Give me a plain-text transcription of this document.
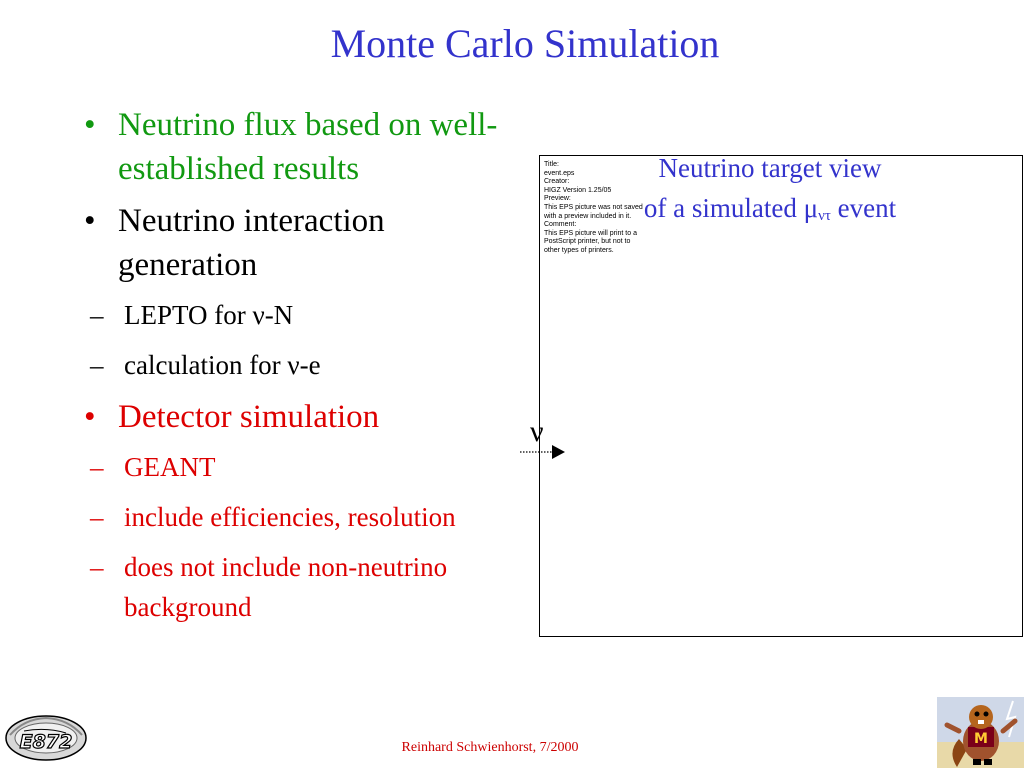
Monte Carlo Simulation
• Neutrino flux based on well-established results
• Neutrino interaction generation
– LEPTO for ν-N
– calculation for ν-e
• Detector simulation
– GEANT
– include efficiencies, resolution
– does not include non-neutrino background
Title:
event.eps
Creator:
HIGZ Version 1.25/05
Preview:
This EPS picture was not saved
with a preview included in it.
Comment:
This EPS picture will print to a
PostScript printer, but not to
other types of printers.
Neutrino target view
of a simulated $\mu_{\nu\tau}$ event
ν
E872	M
Reinhard Schwienhorst, 7/2000
